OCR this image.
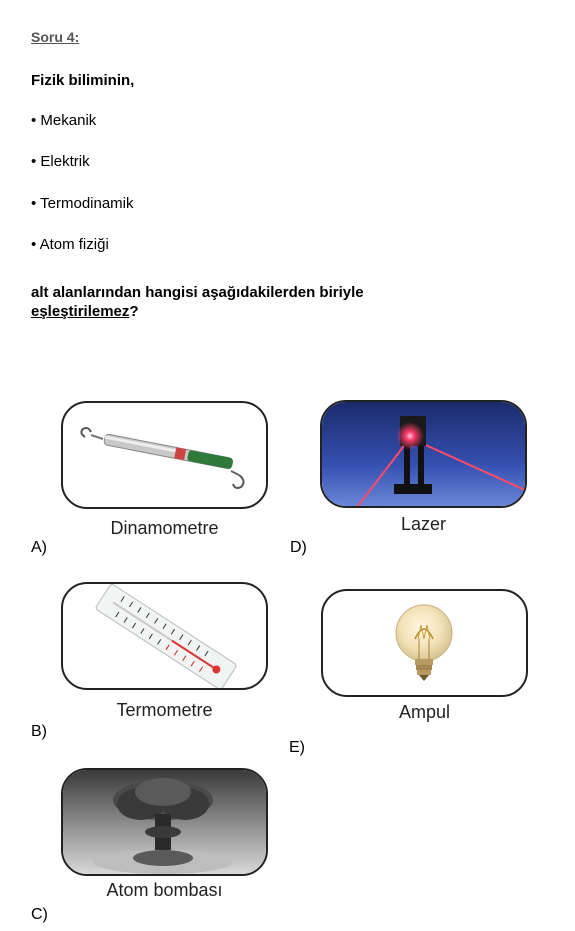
Soru 4:
Fizik biliminin,
• Mekanik
• Elektrik
• Termodinamik
• Atom fiziği
alt alanlarından hangisi aşağıdakilerden biriyle
eşleştirilemez?
Dinamometre
A)
Lazer
D)
Termometre
B)
Ampul
E)
Atom bombası
C)
